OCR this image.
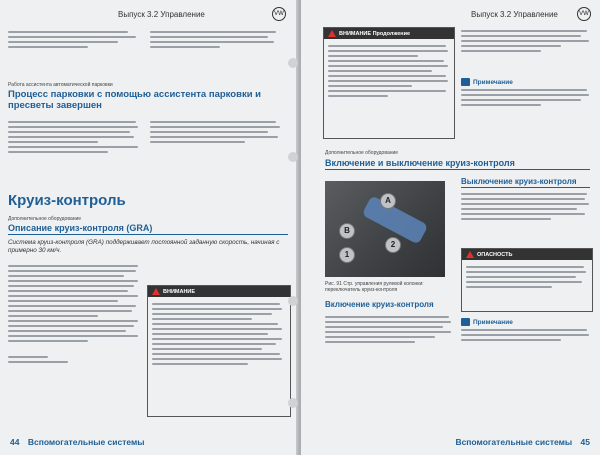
Выпуск 3.2 Управление	VW
Работа ассистента автоматической парковки
Процесс парковки с помощью ассистента парковки и пресветы завершен
Круиз-контроль
Дополнительное оборудование
Описание круиз-контроля (GRA)
Система круиз-контроля (GRA) поддерживает постоянной заданную скорость, начиная с примерно 30 км/ч.
ВНИМАНИЕ
44 Вспомогательные системы
Выпуск 3.2 Управление	VW
ВНИМАНИЕ Продолжение
Примечание
Дополнительное оборудование
Включение и выключение круиз-контроля
A
B
1
2
Рис. 91 Стр. управления рулевой колонки: переключатель круиз-контроля
Включение круиз-контроля
Выключение круиз-контроля
ОПАСНОСТЬ
Примечание
Вспомогательные системы 45
